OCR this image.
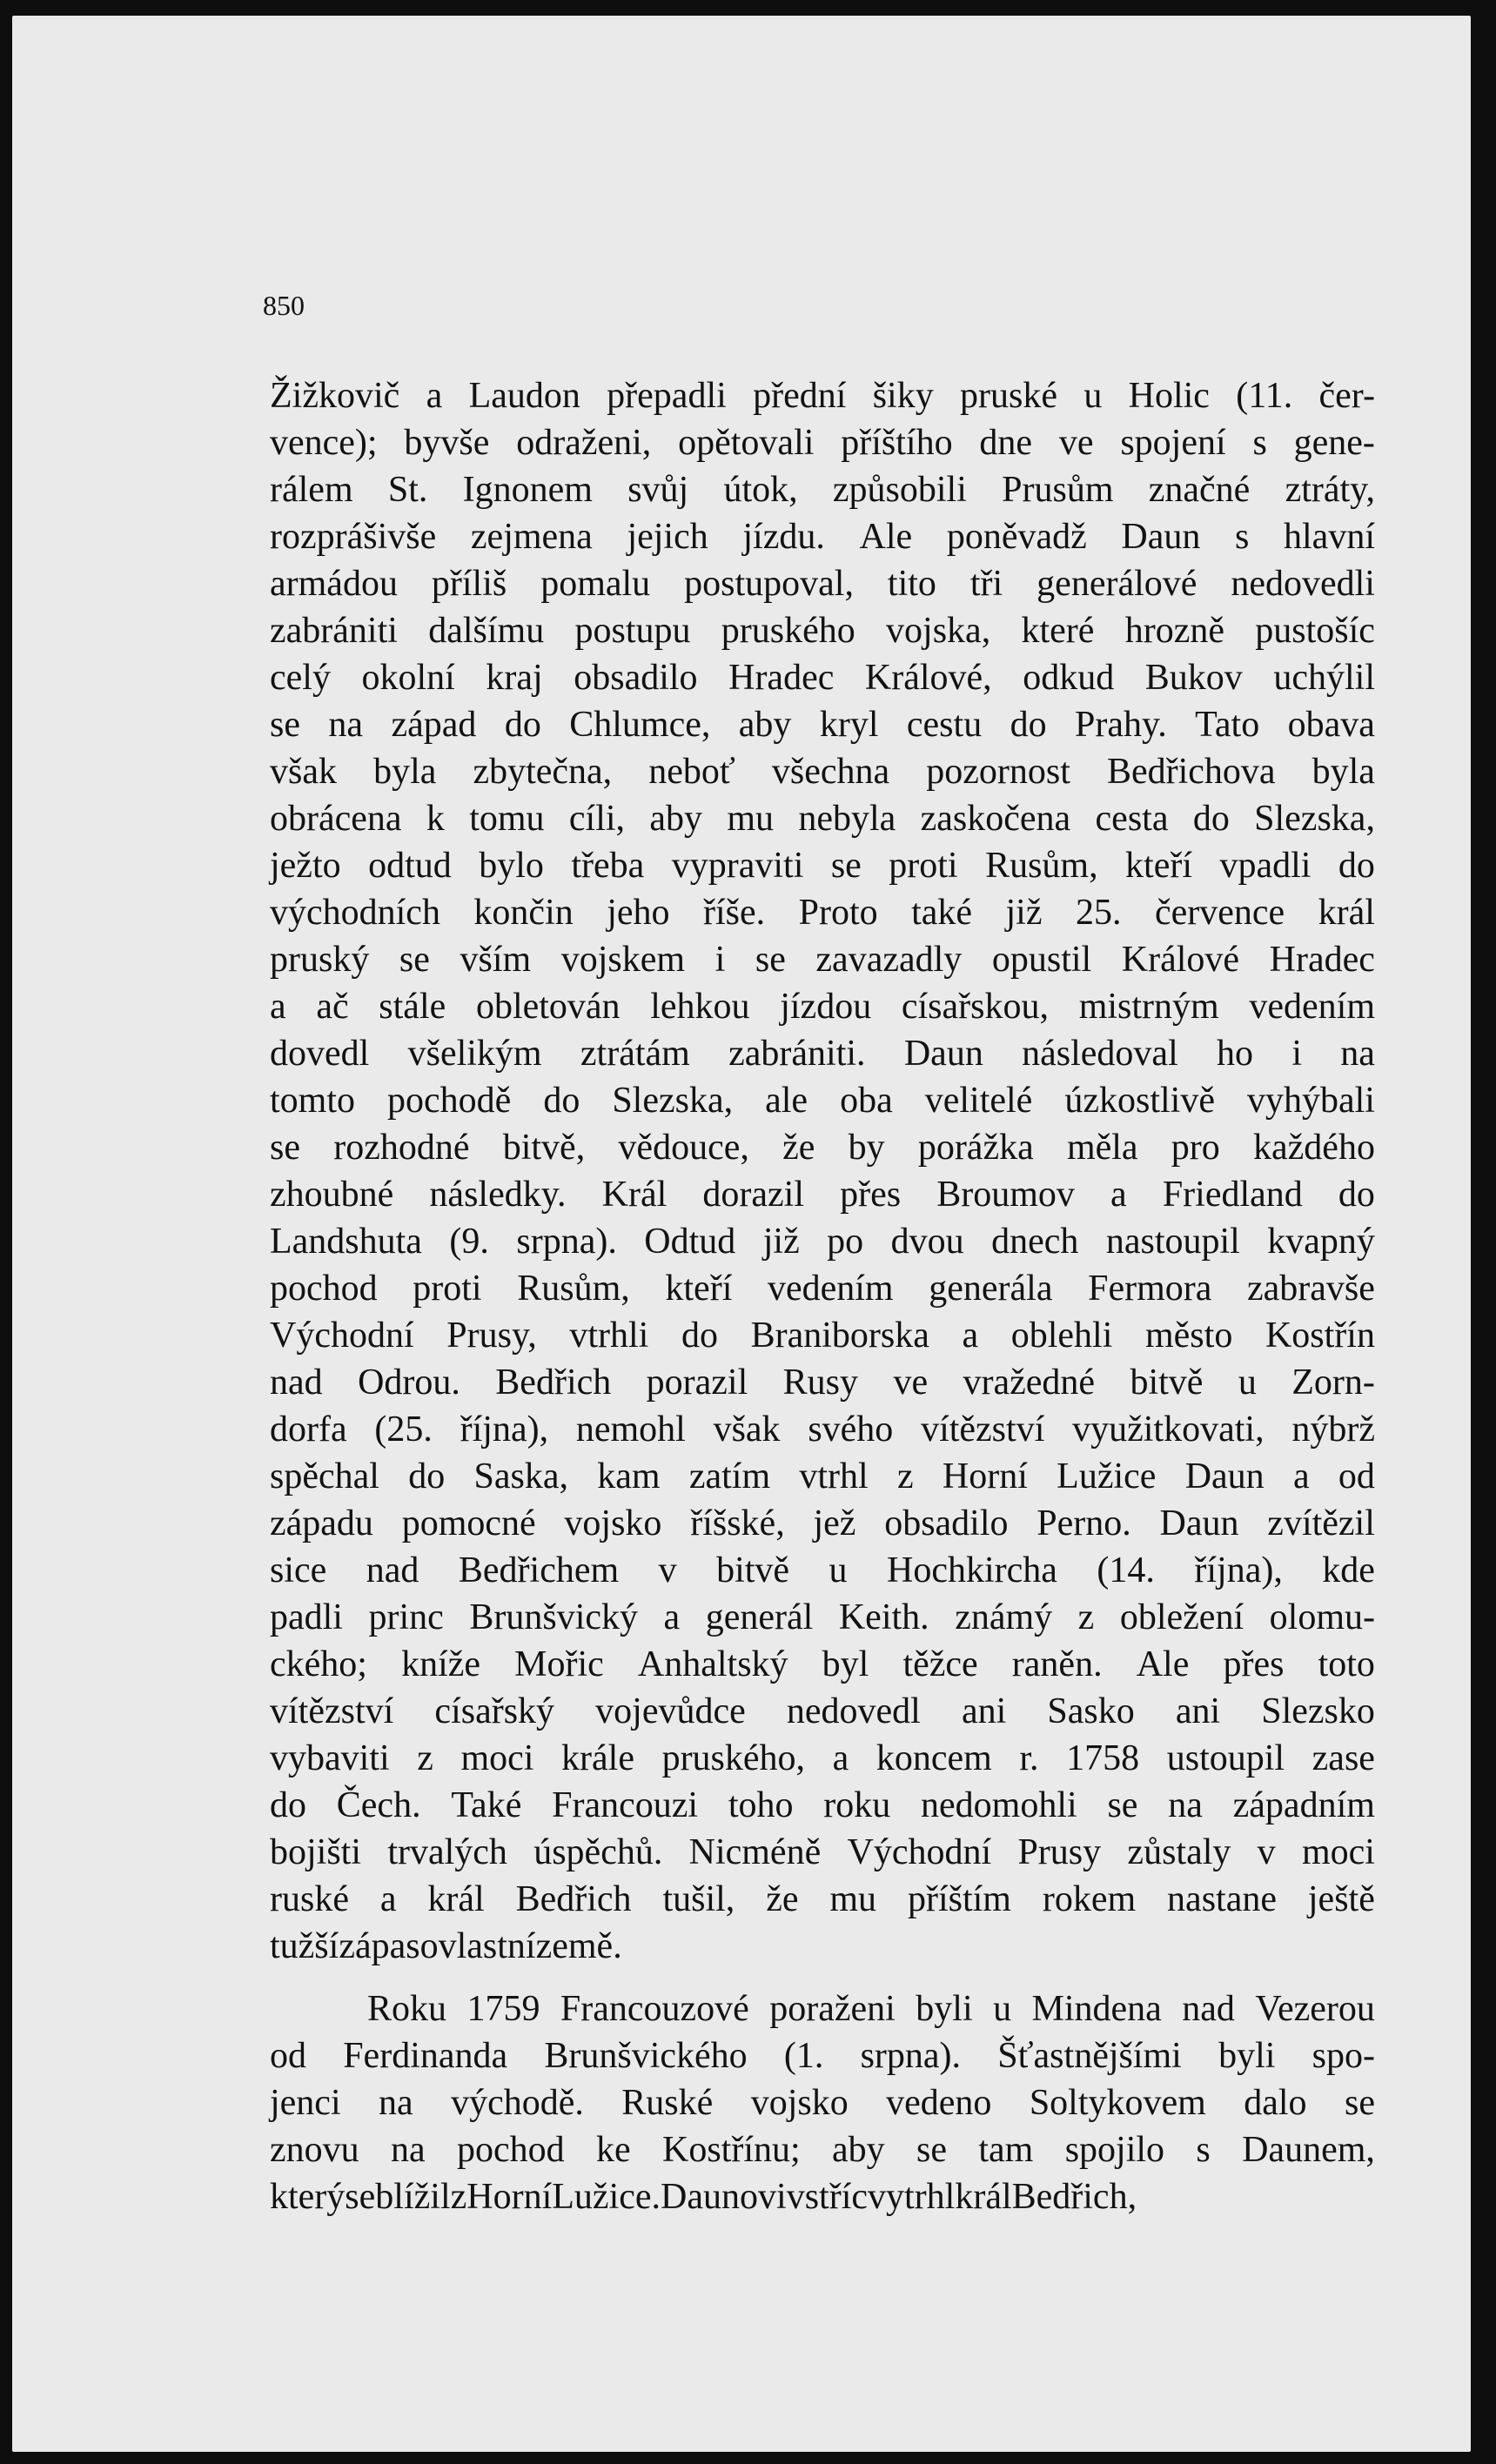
850
Žižkovič a Laudon přepadli přední šiky pruské u Holic (11. čer-
vence); byvše odraženi, opětovali příštího dne ve spojení s gene-
rálem St. Ignonem svůj útok, způsobili Prusům značné ztráty,
rozprášivše zejmena jejich jízdu. Ale poněvadž Daun s hlavní
armádou příliš pomalu postupoval, tito tři generálové nedovedli
zabrániti dalšímu postupu pruského vojska, které hrozně pustošíc
celý okolní kraj obsadilo Hradec Králové, odkud Bukov uchýlil
se na západ do Chlumce, aby kryl cestu do Prahy. Tato obava
však byla zbytečna, neboť všechna pozornost Bedřichova byla
obrácena k tomu cíli, aby mu nebyla zaskočena cesta do Slezska,
ježto odtud bylo třeba vypraviti se proti Rusům, kteří vpadli do
východních končin jeho říše. Proto také již 25. července král
pruský se vším vojskem i se zavazadly opustil Králové Hradec
a ač stále obletován lehkou jízdou císařskou, mistrným vedením
dovedl všelikým ztrátám zabrániti. Daun následoval ho i na
tomto pochodě do Slezska, ale oba velitelé úzkostlivě vyhýbali
se rozhodné bitvě, vědouce, že by porážka měla pro každého
zhoubné následky. Král dorazil přes Broumov a Friedland do
Landshuta (9. srpna). Odtud již po dvou dnech nastoupil kvapný
pochod proti Rusům, kteří vedením generála Fermora zabravše
Východní Prusy, vtrhli do Braniborska a oblehli město Kostřín
nad Odrou. Bedřich porazil Rusy ve vražedné bitvě u Zorn-
dorfa (25. října), nemohl však svého vítězství využitkovati, nýbrž
spěchal do Saska, kam zatím vtrhl z Horní Lužice Daun a od
západu pomocné vojsko říšské, jež obsadilo Perno. Daun zvítězil
sice nad Bedřichem v bitvě u Hochkircha (14. října), kde
padli princ Brunšvický a generál Keith. známý z obležení olomu-
ckého; kníže Mořic Anhaltský byl těžce raněn. Ale přes toto
vítězství císařský vojevůdce nedovedl ani Sasko ani Slezsko
vybaviti z moci krále pruského, a koncem r. 1758 ustoupil zase
do Čech. Také Francouzi toho roku nedomohli se na západním
bojišti trvalých úspěchů. Nicméně Východní Prusy zůstaly v moci
ruské a král Bedřich tušil, že mu příštím rokem nastane ještě
tužší zápas o vlastní země.
Roku 1759 Francouzové poraženi byli u Mindena nad Vezerou
od Ferdinanda Brunšvického (1. srpna). Šťastnějšími byli spo-
jenci na východě. Ruské vojsko vedeno Soltykovem dalo se
znovu na pochod ke Kostřínu; aby se tam spojilo s Daunem,
který se blížil z Horní Lužice. Daunovi vstříc vytrhl král Bedřich,
